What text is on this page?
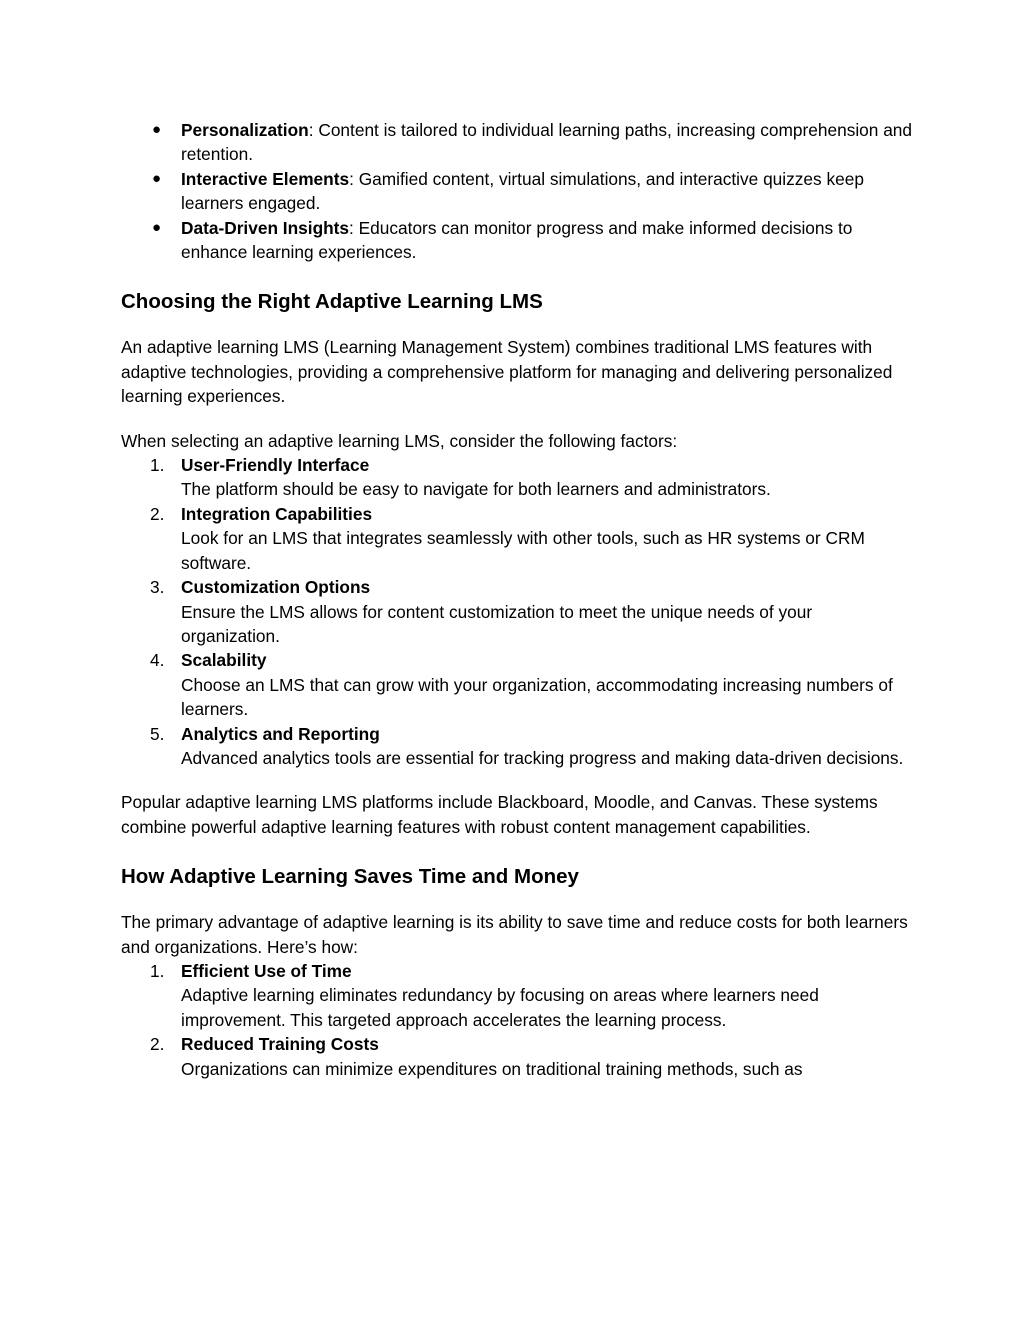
● Personalization: Content is tailored to individual learning paths, increasing comprehension and retention.
● Interactive Elements: Gamified content, virtual simulations, and interactive quizzes keep learners engaged.
● Data-Driven Insights: Educators can monitor progress and make informed decisions to enhance learning experiences.
Choosing the Right Adaptive Learning LMS

An adaptive learning LMS (Learning Management System) combines traditional LMS features with adaptive technologies, providing a comprehensive platform for managing and delivering personalized learning experiences.

When selecting an adaptive learning LMS, consider the following factors:

1. User-Friendly Interface
The platform should be easy to navigate for both learners and administrators.
2. Integration Capabilities
Look for an LMS that integrates seamlessly with other tools, such as HR systems or CRM software.
3. Customization Options
Ensure the LMS allows for content customization to meet the unique needs of your organization.
4. Scalability
Choose an LMS that can grow with your organization, accommodating increasing numbers of learners.
5. Analytics and Reporting
Advanced analytics tools are essential for tracking progress and making data-driven decisions.

Popular adaptive learning LMS platforms include Blackboard, Moodle, and Canvas. These systems combine powerful adaptive learning features with robust content management capabilities.

How Adaptive Learning Saves Time and Money

The primary advantage of adaptive learning is its ability to save time and reduce costs for both learners and organizations. Here’s how:

1. Efficient Use of Time
Adaptive learning eliminates redundancy by focusing on areas where learners need improvement. This targeted approach accelerates the learning process.
2. Reduced Training Costs
Organizations can minimize expenditures on traditional training methods, such as
